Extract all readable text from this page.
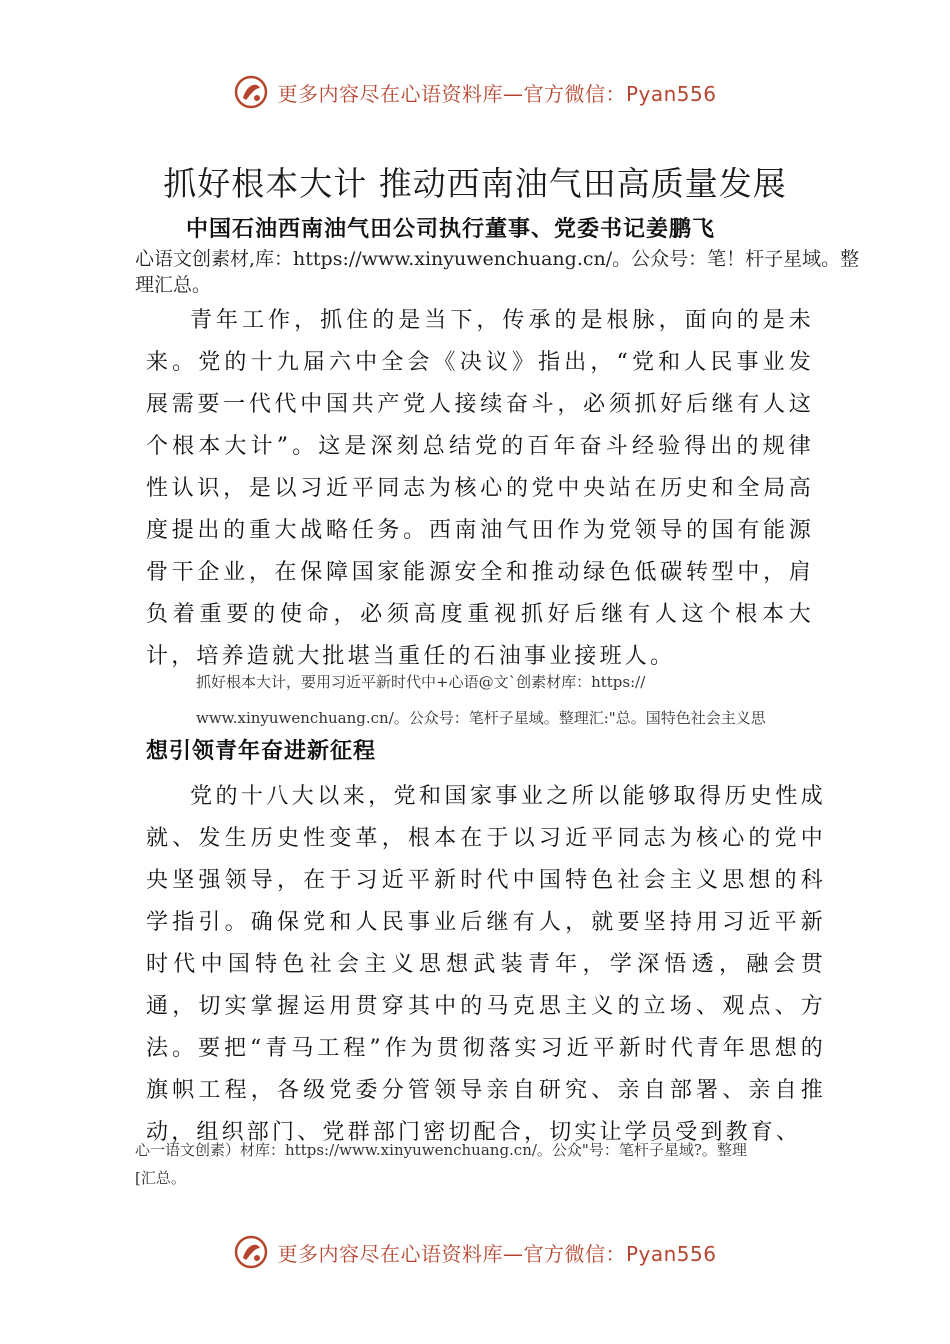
更多内容尽在心语资料库—官方微信：Pyan556
抓好根本大计 推动西南油气田高质量发展
中国石油西南油气田公司执行董事、党委书记姜鹏飞
心语文创素材,库：https://www.xinyuwenchuang.cn/。公众号：笔！杆子星域。整理汇总。

青年工作，抓住的是当下，传承的是根脉，面向的是未来。党的十九届六中全会《决议》指出，“党和人民事业发展需要一代代中国共产党人接续奋斗，必须抓好后继有人这个根本大计”。这是深刻总结党的百年奋斗经验得出的规律性认识，是以习近平同志为核心的党中央站在历史和全局高度提出的重大战略任务。西南油气田作为党领导的国有能源骨干企业，在保障国家能源安全和推动绿色低碳转型中，肩负着重要的使命，必须高度重视抓好后继有人这个根本大计，培养造就大批堪当重任的石油事业接班人。

抓好根本大计，要用习近平新时代中+心语@文`创素材库：https://
www.xinyuwenchuang.cn/。公众号：笔杆子星域。整理汇:"总。国特色社会主义思
想引领青年奋进新征程

党的十八大以来，党和国家事业之所以能够取得历史性成就、发生历史性变革，根本在于以习近平同志为核心的党中央坚强领导，在于习近平新时代中国特色社会主义思想的科学指引。确保党和人民事业后继有人，就要坚持用习近平新时代中国特色社会主义思想武装青年，学深悟透，融会贯通，切实掌握运用贯穿其中的马克思主义的立场、观点、方法。要把“青马工程”作为贯彻落实习近平新时代青年思想的旗帜工程，各级党委分管领导亲自研究、亲自部署、亲自推动，组织部门、党群部门密切配合，切实让学员受到教育、

心一语文创素）材库：https://www.xinyuwenchuang.cn/。公众"号：笔杆子星域?。整理
[汇总。
更多内容尽在心语资料库—官方微信：Pyan556
